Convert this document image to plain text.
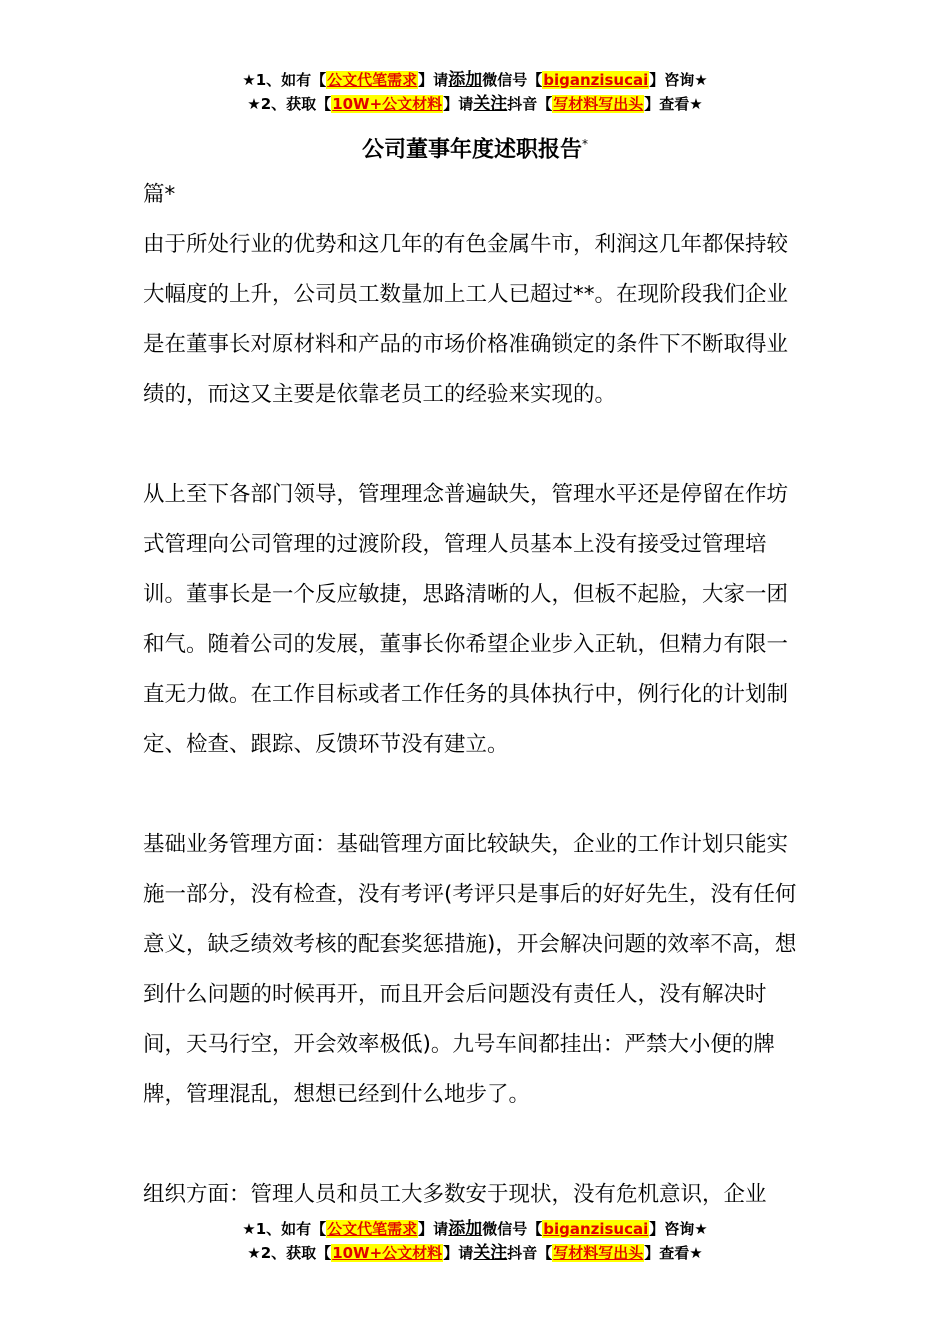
★1、如有【公文代笔需求】请添加微信号【biganzisucai】咨询★
★2、获取【10W+公文材料】请关注抖音【写材料写出头】查看★
公司董事年度述职报告*

篇*

由于所处行业的优势和这几年的有色金属牛市，利润这几年都保持较大幅度的上升，公司员工数量加上工人已超过**。在现阶段我们企业是在董事长对原材料和产品的市场价格准确锁定的条件下不断取得业绩的，而这又主要是依靠老员工的经验来实现的。

从上至下各部门领导，管理理念普遍缺失，管理水平还是停留在作坊式管理向公司管理的过渡阶段，管理人员基本上没有接受过管理培训。董事长是一个反应敏捷，思路清晰的人，但板不起脸，大家一团和气。随着公司的发展，董事长你希望企业步入正轨，但精力有限一直无力做。在工作目标或者工作任务的具体执行中，例行化的计划制定、检查、跟踪、反馈环节没有建立。

基础业务管理方面：基础管理方面比较缺失，企业的工作计划只能实施一部分，没有检查，没有考评(考评只是事后的好好先生，没有任何意义，缺乏绩效考核的配套奖惩措施)，开会解决问题的效率不高，想到什么问题的时候再开，而且开会后问题没有责任人，没有解决时间，天马行空，开会效率极低)。九号车间都挂出：严禁大小便的牌牌，管理混乱，想想已经到什么地步了。

组织方面：管理人员和员工大多数安于现状，没有危机意识，企业

★1、如有【公文代笔需求】请添加微信号【biganzisucai】咨询★
★2、获取【10W+公文材料】请关注抖音【写材料写出头】查看★
